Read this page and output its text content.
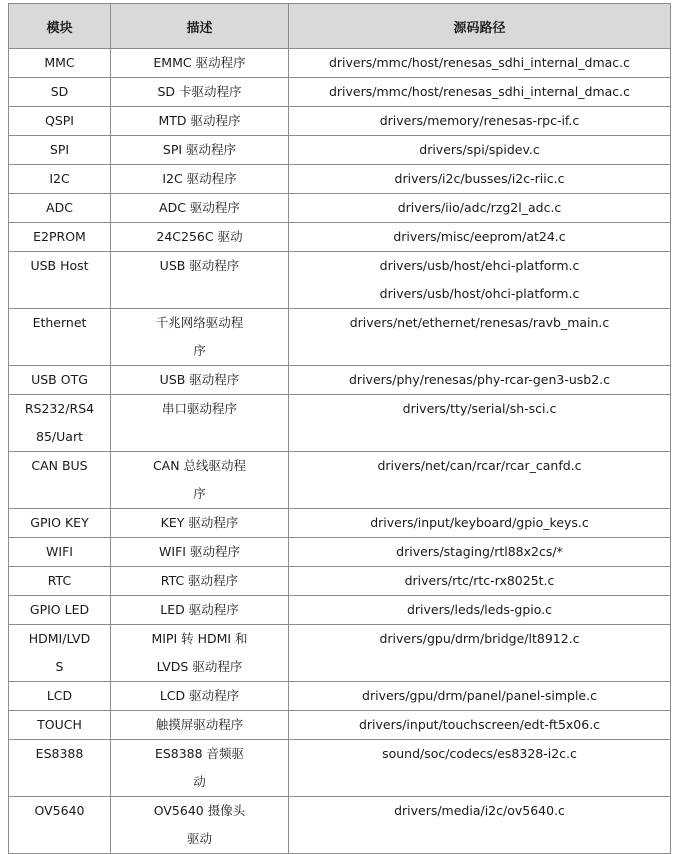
模块	描述	源码路径

MMC	EMMC 驱动程序	drivers/mmc/host/renesas_sdhi_internal_dmac.c

SD	SD 卡驱动程序	drivers/mmc/host/renesas_sdhi_internal_dmac.c

QSPI	MTD 驱动程序	drivers/memory/renesas-rpc-if.c

SPI	SPI 驱动程序	drivers/spi/spidev.c

I2C	I2C 驱动程序	drivers/i2c/busses/i2c-riic.c

ADC	ADC 驱动程序	drivers/iio/adc/rzg2l_adc.c

E2PROM	24C256C 驱动	drivers/misc/eeprom/at24.c

USB Host	USB 驱动程序	drivers/usb/host/ehci-platform.c
drivers/usb/host/ohci-platform.c

Ethernet	千兆网络驱动程
序	drivers/net/ethernet/renesas/ravb_main.c

USB OTG	USB 驱动程序	drivers/phy/renesas/phy-rcar-gen3-usb2.c

RS232/RS4
85/Uart	串口驱动程序	drivers/tty/serial/sh-sci.c

CAN BUS	CAN 总线驱动程
序	drivers/net/can/rcar/rcar_canfd.c

GPIO KEY	KEY 驱动程序	drivers/input/keyboard/gpio_keys.c

WIFI	WIFI 驱动程序	drivers/staging/rtl88x2cs/*

RTC	RTC 驱动程序	drivers/rtc/rtc-rx8025t.c

GPIO LED	LED 驱动程序	drivers/leds/leds-gpio.c

HDMI/LVD
S	MIPI 转 HDMI 和
LVDS 驱动程序	drivers/gpu/drm/bridge/lt8912.c

LCD	LCD 驱动程序	drivers/gpu/drm/panel/panel-simple.c

TOUCH	触摸屏驱动程序	drivers/input/touchscreen/edt-ft5x06.c

ES8388	ES8388 音频驱
动	sound/soc/codecs/es8328-i2c.c

OV5640	OV5640 摄像头
驱动	drivers/media/i2c/ov5640.c
